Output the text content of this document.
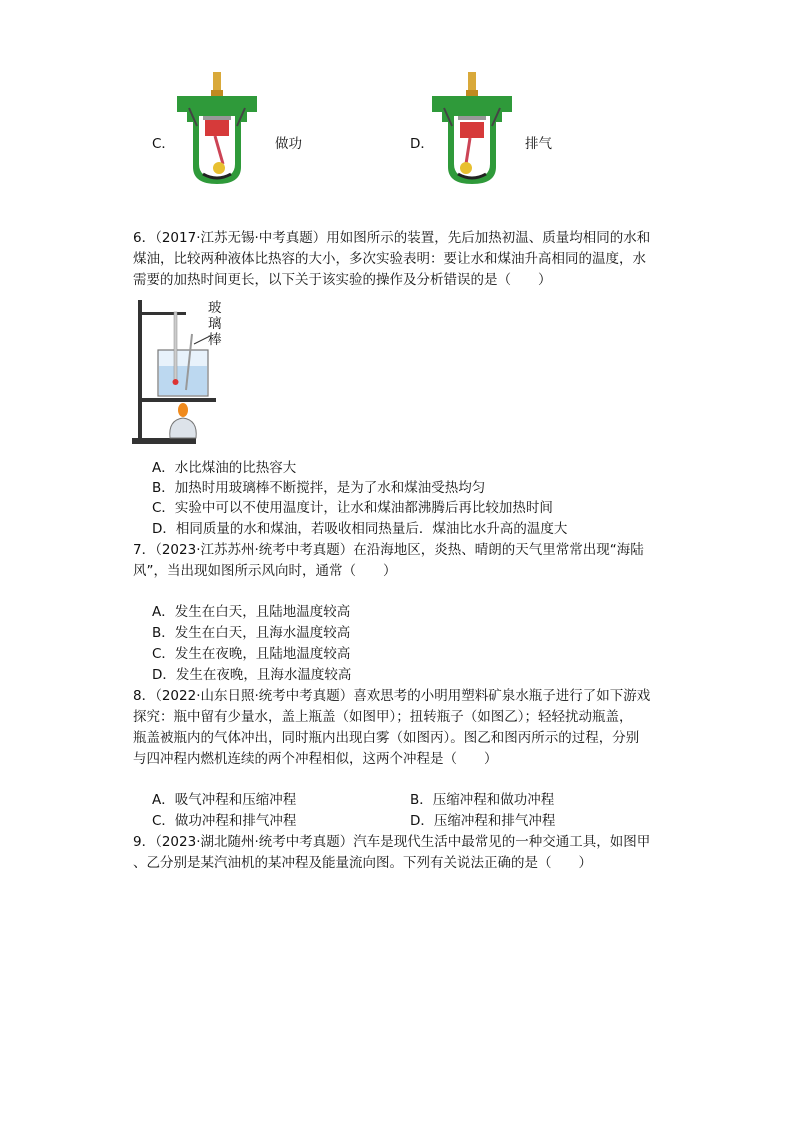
C．	做功	D．	排气
6．（2017·江苏无锡·中考真题）用如图所示的装置，先后加热初温、质量均相同的水和
煤油，比较两种液体比热容的大小，多次实验表明：要让水和煤油升高相同的温度，水
需要的加热时间更长，以下关于该实验的操作及分析错误的是（　　）
玻
璃
棒
A．水比煤油的比热容大
B．加热时用玻璃棒不断搅拌，是为了水和煤油受热均匀
C．实验中可以不使用温度计，让水和煤油都沸腾后再比较加热时间
D．相同质量的水和煤油，若吸收相同热量后．煤油比水升高的温度大
7．（2023·江苏苏州·统考中考真题）在沿海地区，炎热、晴朗的天气里常常出现“海陆
风”，当出现如图所示风向时，通常（　　）
A．发生在白天，且陆地温度较高
B．发生在白天，且海水温度较高
C．发生在夜晚，且陆地温度较高
D．发生在夜晚，且海水温度较高
8．（2022·山东日照·统考中考真题）喜欢思考的小明用塑料矿泉水瓶子进行了如下游戏
探究：瓶中留有少量水，盖上瓶盖（如图甲）；扭转瓶子（如图乙）；轻轻扰动瓶盖，
瓶盖被瓶内的气体冲出，同时瓶内出现白雾（如图丙）。图乙和图丙所示的过程，分别
与四冲程内燃机连续的两个冲程相似，这两个冲程是（　　）
A．吸气冲程和压缩冲程	B．压缩冲程和做功冲程
C．做功冲程和排气冲程	D．压缩冲程和排气冲程
9．（2023·湖北随州·统考中考真题）汽车是现代生活中最常见的一种交通工具，如图甲
、乙分别是某汽油机的某冲程及能量流向图。下列有关说法正确的是（　　）
